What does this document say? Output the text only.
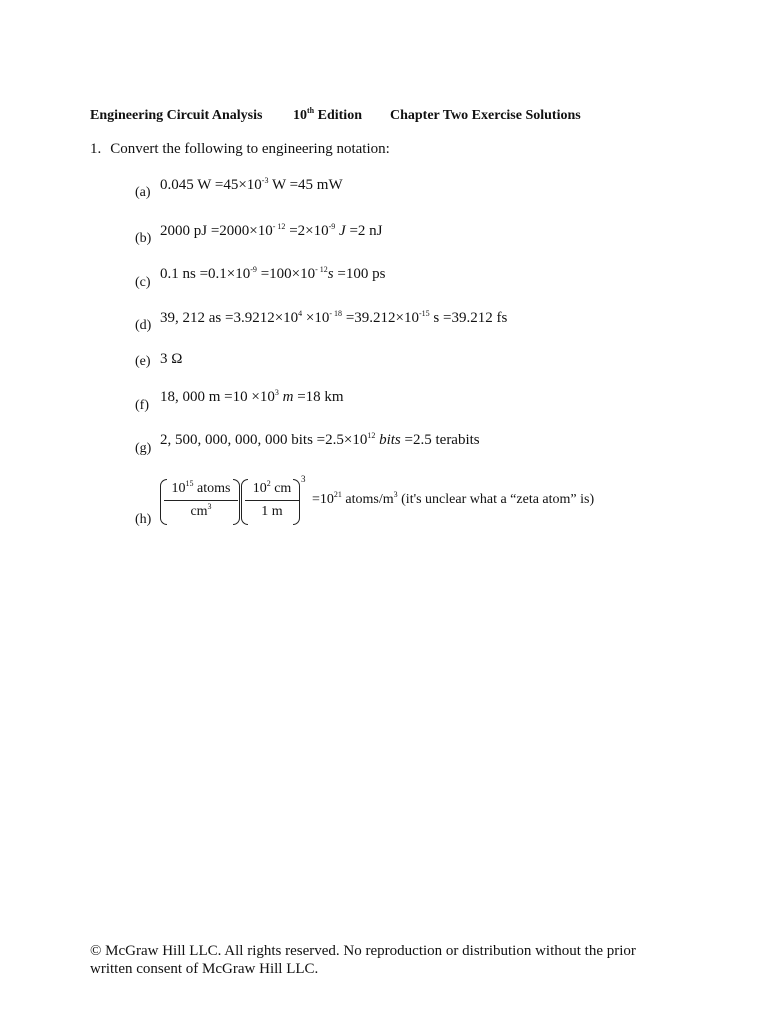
Engineering Circuit Analysis 10th Edition Chapter Two Exercise Solutions
1. Convert the following to engineering notation:
(a) 0.045 $W =45\times 10^{-3}$ W =45 mW
(b) 2000 pJ $=2000\times 10^{- 12} =2\times 10^{-9}$ J =2 nJ
(c)
0.1 ns $=0.1\times 10^{-9} =100\times 10^{- 12}s =100$ ps
(d) 39, 212 as $=3.9212\times 10^4 \times 10^{- 18} =39.212\times 10^{-15}$ s =39.212 fs
(e) 3 Ω
(f)
18, 000 $m =10 \times 10^3$ m =18 km
(g)
2, 500, 000, 000, 000 bits $=2.5\times 10^{12}$ bits =2.5 terabits
(h)
$10^{15}$ atoms
$cm^3$
$10^2$ cm
1 m
3
$=10^{21}$ atoms/$m^3$ (it's unclear what a “zeta atom” is)
© McGraw Hill LLC. All rights reserved. No reproduction or distribution without the prior
written consent of McGraw Hill LLC.
